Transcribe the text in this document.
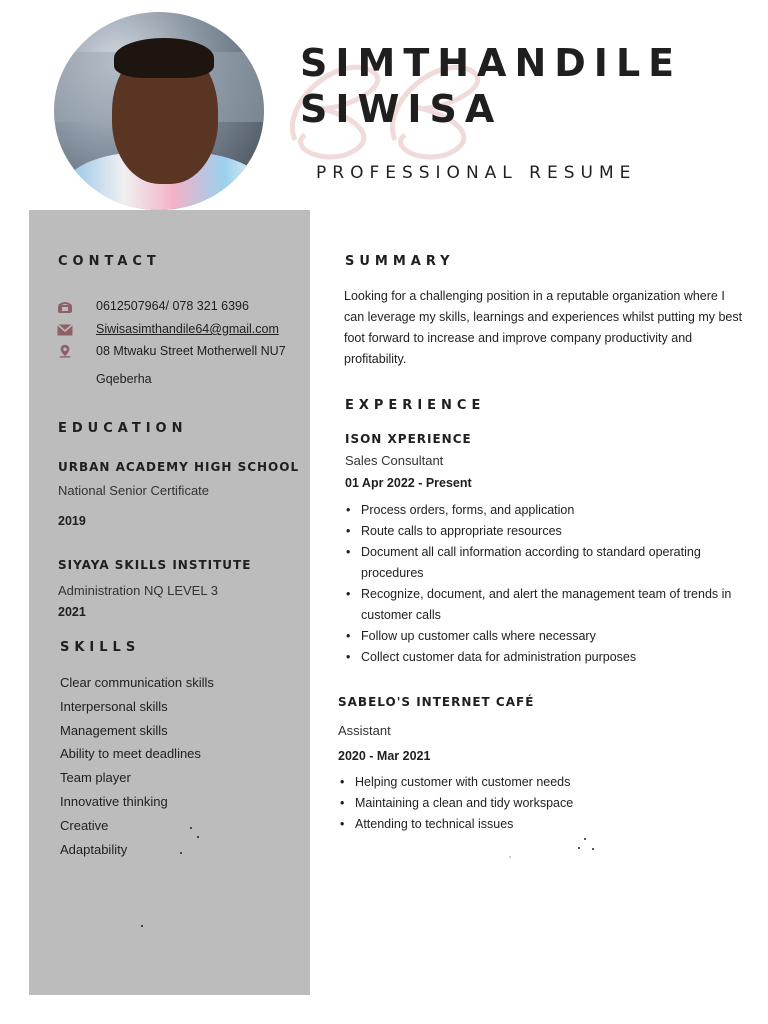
SIMTHANDILE
SIWISA

PROFESSIONAL RESUME

CONTACT
0612507964/ 078 321 6396
Siwisasimthandile64@gmail.com
08 Mtwaku Street Motherwell NU7
Gqeberha
EDUCATION
URBAN ACADEMY HIGH SCHOOL
National Senior Certificate
2019
SIYAYA SKILLS INSTITUTE
Administration NQ LEVEL 3
2021
SKILLS
Clear communication skills
Interpersonal skills
Management skills
Ability to meet deadlines
Team player
Innovative thinking
Creative
Adaptability
SUMMARY

Looking for a challenging position in a reputable organization where I can leverage my skills, learnings and experiences whilst putting my best foot forward to increase and improve company productivity and profitability.

EXPERIENCE
ISON XPERIENCE
Sales Consultant
01 Apr 2022 - Present
• Process orders, forms, and application
• Route calls to appropriate resources
• Document all call information according to standard operating procedures
• Recognize, document, and alert the management team of trends in customer calls
• Follow up customer calls where necessary
• Collect customer data for administration purposes
SABELO'S INTERNET CAFÉ
Assistant
2020 - Mar 2021
• Helping customer with customer needs
• Maintaining a clean and tidy workspace
• Attending to technical issues
